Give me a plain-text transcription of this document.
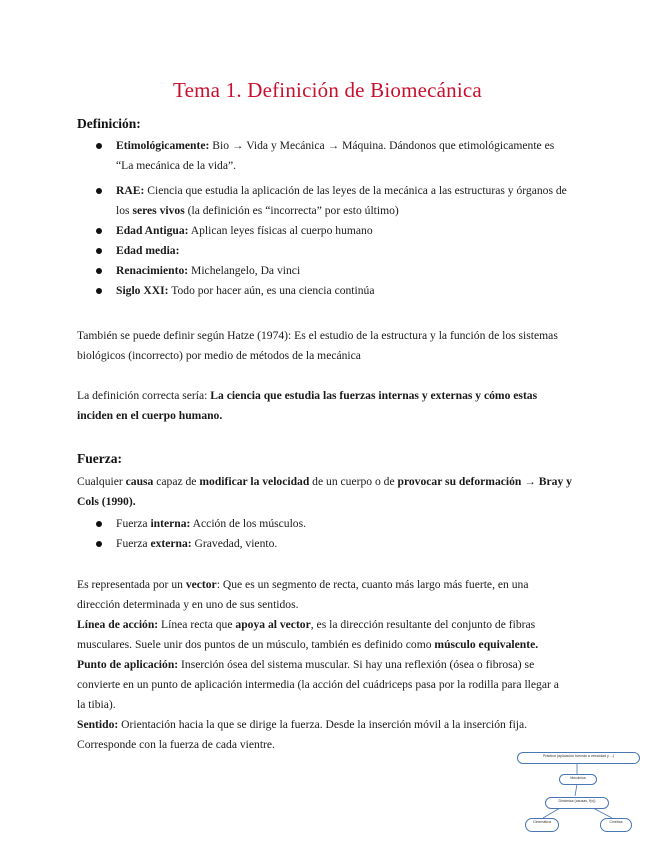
Tema 1. Definición de Biomecánica

Definición:

Etimológicamente: Bio → Vida y Mecánica → Máquina. Dándonos que etimológicamente es
“La mecánica de la vida”.
RAE: Ciencia que estudia la aplicación de las leyes de la mecánica a las estructuras y órganos de
los seres vivos (la definición es “incorrecta” por esto último)
Edad Antigua: Aplican leyes físicas al cuerpo humano
Edad media:
Renacimiento: Michelangelo, Da vinci
Siglo XXI: Todo por hacer aún, es una ciencia continúa

También se puede definir según Hatze (1974): Es el estudio de la estructura y la función de los sistemas
biológicos (incorrecto) por medio de métodos de la mecánica

La definición correcta sería: La ciencia que estudia las fuerzas internas y externas y cómo estas
inciden en el cuerpo humano.

Fuerza:

Cualquier causa capaz de modificar la velocidad de un cuerpo o de provocar su deformación → Bray y
Cols (1990).

Fuerza interna: Acción de los músculos.
Fuerza externa: Gravedad, viento.

Es representada por un vector: Que es un segmento de recta, cuanto más largo más fuerte, en una
dirección determinada y en uno de sus sentidos.
Línea de acción: Línea recta que apoya al vector, es la dirección resultante del conjunto de fibras
musculares. Suele unir dos puntos de un músculo, también es definido como músculo equivalente.
Punto de aplicación: Inserción ósea del sistema muscular. Si hay una reflexión (ósea o fibrosa) se
convierte en un punto de aplicación intermedia (la acción del cuádriceps pasa por la rodilla para llegar a
la tibia).
Sentido: Orientación hacia la que se dirige la fuerza. Desde la inserción móvil a la inserción fija.
Corresponde con la fuerza de cada vientre.

Práctica (aplicación fuerzas a velocidad y ...)
Mecánica
Dinámica (causas, f(x))
Cinemática	Cinética
